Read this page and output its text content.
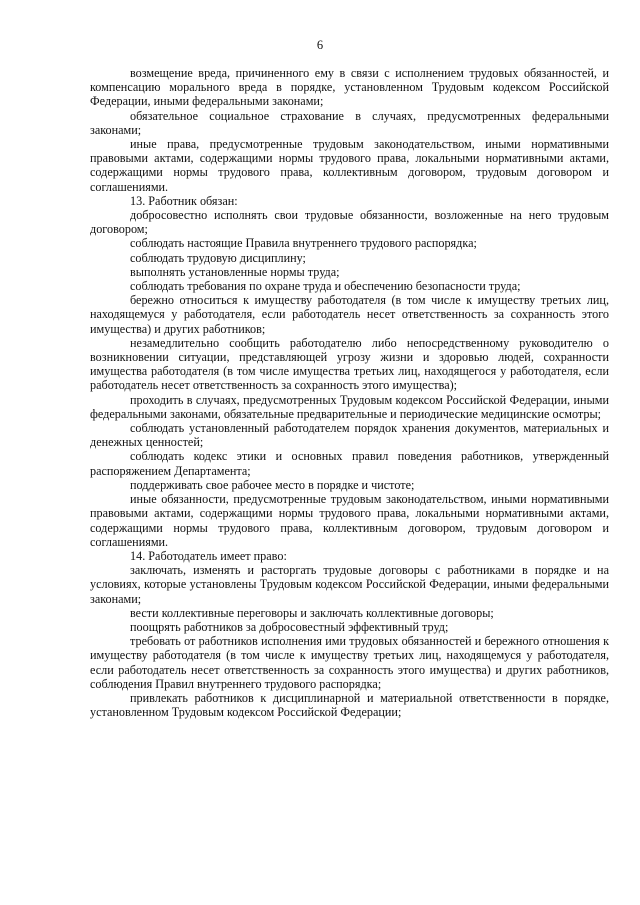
6

возмещение вреда, причиненного ему в связи с исполнением трудовых обязанностей, и компенсацию морального вреда в порядке, установленном Трудовым кодексом Российской Федерации, иными федеральными законами;

обязательное социальное страхование в случаях, предусмотренных федеральными законами;

иные права, предусмотренные трудовым законодательством, иными нормативными правовыми актами, содержащими нормы трудового права, локальными нормативными актами, содержащими нормы трудового права, коллективным договором, трудовым договором и соглашениями.

13. Работник обязан:

добросовестно исполнять свои трудовые обязанности, возложенные на него трудовым договором;

соблюдать настоящие Правила внутреннего трудового распорядка;

соблюдать трудовую дисциплину;

выполнять установленные нормы труда;

соблюдать требования по охране труда и обеспечению безопасности труда;

бережно относиться к имуществу работодателя (в том числе к имуществу третьих лиц, находящемуся у работодателя, если работодатель несет ответственность за сохранность этого имущества) и других работников;

незамедлительно сообщить работодателю либо непосредственному руководителю о возникновении ситуации, представляющей угрозу жизни и здоровью людей, сохранности имущества работодателя (в том числе имущества третьих лиц, находящегося у работодателя, если работодатель несет ответственность за сохранность этого имущества);

проходить в случаях, предусмотренных Трудовым кодексом Российской Федерации, иными федеральными законами, обязательные предварительные и периодические медицинские осмотры;

соблюдать установленный работодателем порядок хранения документов, материальных и денежных ценностей;

соблюдать кодекс этики и основных правил поведения работников, утвержденный распоряжением Департамента;

поддерживать свое рабочее место в порядке и чистоте;

иные обязанности, предусмотренные трудовым законодательством, иными нормативными правовыми актами, содержащими нормы трудового права, локальными нормативными актами, содержащими нормы трудового права, коллективным договором, трудовым договором и соглашениями.

14. Работодатель имеет право:

заключать, изменять и расторгать трудовые договоры с работниками в порядке и на условиях, которые установлены Трудовым кодексом Российской Федерации, иными федеральными законами;

вести коллективные переговоры и заключать коллективные договоры;

поощрять работников за добросовестный эффективный труд;

требовать от работников исполнения ими трудовых обязанностей и бережного отношения к имуществу работодателя (в том числе к имуществу третьих лиц, находящемуся у работодателя, если работодатель несет ответственность за сохранность этого имущества) и других работников, соблюдения Правил внутреннего трудового распорядка;

привлекать работников к дисциплинарной и материальной ответственности в порядке, установленном Трудовым кодексом Российской Федерации;
